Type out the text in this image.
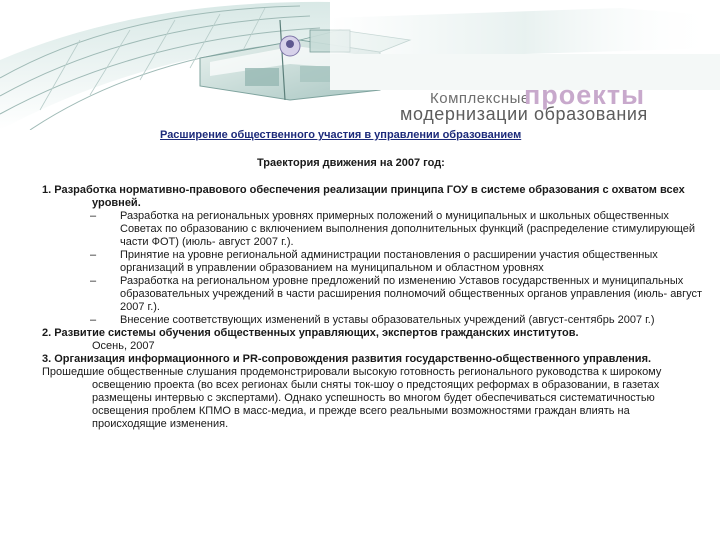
Комплексные
проекты
модернизации образования
Расширение общественного участия в управлении образованием
Траектория движения на 2007 год:
1. Разработка нормативно-правового обеспечения реализации принципа ГОУ в системе образования с охватом всех уровней.
– Разработка на региональных уровнях примерных положений о муниципальных и школьных общественных Советах по образованию с включением выполнения дополнительных функций (распределение стимулирующей части ФОТ) (июль- август 2007 г.).
– Принятие на уровне региональной администрации постановления о расширении участия общественных организаций в управлении образованием на муниципальном и областном уровнях
– Разработка на региональном уровне предложений по изменению Уставов государственных и муниципальных образовательных учреждений в части расширения полномочий общественных органов управления (июль- август 2007 г.).
– Внесение соответствующих изменений в уставы образовательных учреждений (август-сентябрь 2007 г.)
2. Развитие системы обучения общественных управляющих, экспертов гражданских институтов.
Осень, 2007
3. Организация информационного и PR-сопровождения развития государственно-общественного управления.
Прошедшие общественные слушания продемонстрировали высокую готовность регионального руководства к широкому освещению проекта (во всех регионах были сняты ток-шоу о предстоящих реформах в образовании, в газетах размещены интервью с экспертами). Однако успешность во многом будет обеспечиваться систематичностью освещения проблем КПМО в масс-медиа, и прежде всего реальными возможностями граждан влиять на происходящие изменения.
